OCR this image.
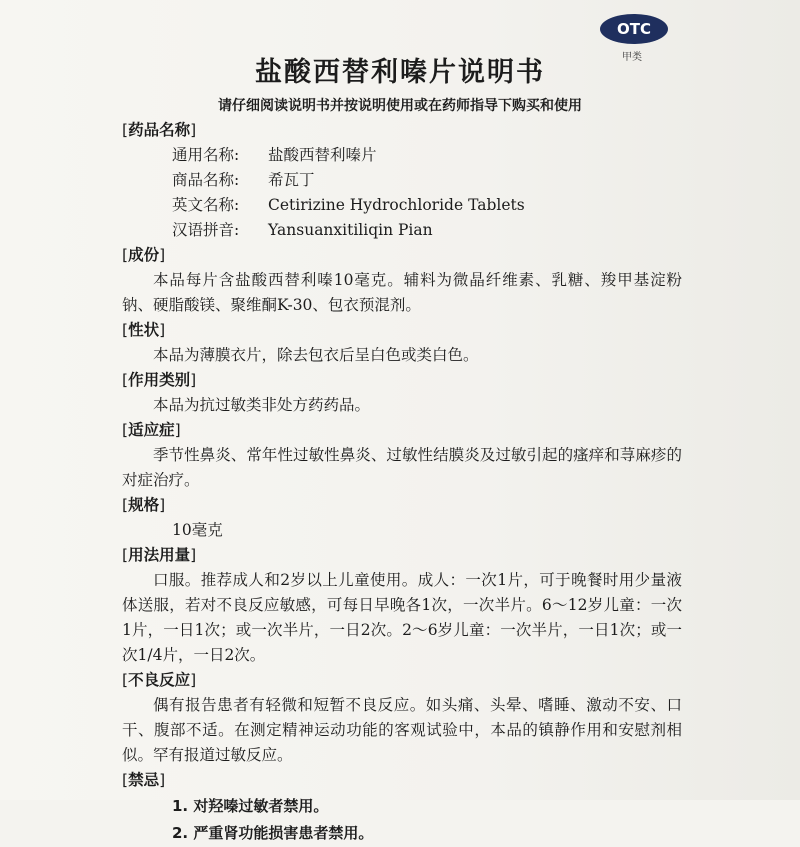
OTC
甲类
盐酸西替利嗪片说明书
请仔细阅读说明书并按说明使用或在药师指导下购买和使用
[药品名称]
通用名称:	盐酸西替利嗪片
商品名称:	希瓦丁
英文名称:	Cetirizine Hydrochloride Tablets
汉语拼音:	Yansuanxitiliqin Pian
[成份]
本品每片含盐酸西替利嗪10毫克。辅料为微晶纤维素、乳糖、羧甲基淀粉钠、硬脂酸镁、聚维酮K-30、包衣预混剂。
[性状]
本品为薄膜衣片，除去包衣后呈白色或类白色。
[作用类别]
本品为抗过敏类非处方药药品。
[适应症]
季节性鼻炎、常年性过敏性鼻炎、过敏性结膜炎及过敏引起的瘙痒和荨麻疹的对症治疗。
[规格]
10毫克
[用法用量]
口服。推荐成人和2岁以上儿童使用。成人：一次1片，可于晚餐时用少量液体送服，若对不良反应敏感，可每日早晚各1次，一次半片。6～12岁儿童：一次1片，一日1次；或一次半片，一日2次。2～6岁儿童：一次半片，一日1次；或一次1/4片，一日2次。
[不良反应]
偶有报告患者有轻微和短暂不良反应。如头痛、头晕、嗜睡、激动不安、口干、腹部不适。在测定精神运动功能的客观试验中，本品的镇静作用和安慰剂相似。罕有报道过敏反应。
[禁忌]
1. 对羟嗪过敏者禁用。
2. 严重肾功能损害患者禁用。
